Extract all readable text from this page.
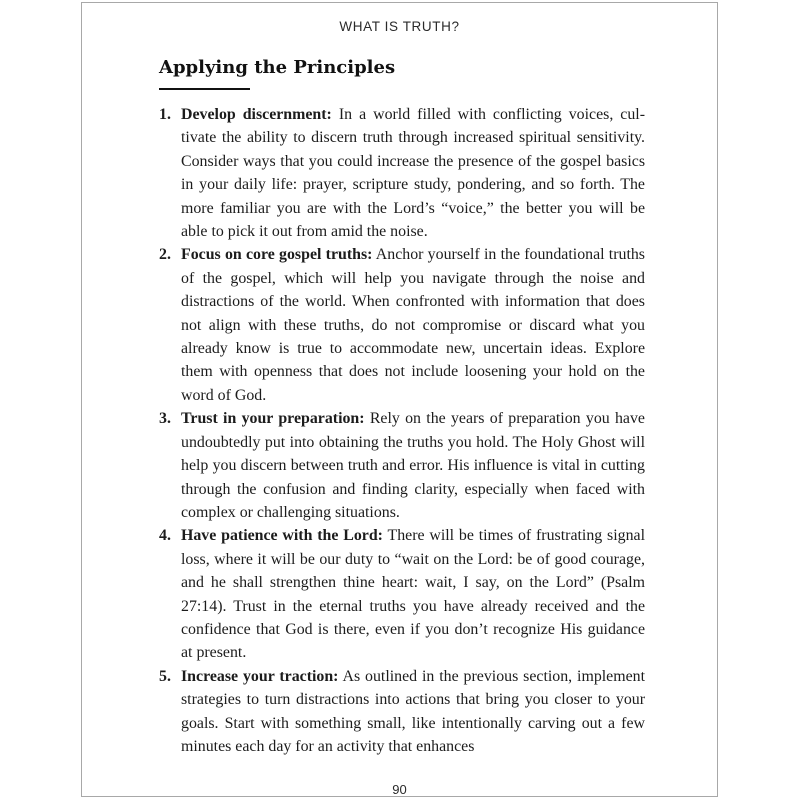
WHAT IS TRUTH?
Applying the Principles
1. Develop discernment: In a world filled with conflicting voices, cultivate the ability to discern truth through increased spiritual sensitivity. Consider ways that you could increase the presence of the gospel basics in your daily life: prayer, scripture study, pondering, and so forth. The more familiar you are with the Lord’s “voice,” the better you will be able to pick it out from amid the noise.
2. Focus on core gospel truths: Anchor yourself in the foundational truths of the gospel, which will help you navigate through the noise and distractions of the world. When confronted with information that does not align with these truths, do not compromise or discard what you already know is true to accommodate new, uncertain ideas. Explore them with openness that does not include loosening your hold on the word of God.
3. Trust in your preparation: Rely on the years of preparation you have undoubtedly put into obtaining the truths you hold. The Holy Ghost will help you discern between truth and error. His influence is vital in cutting through the confusion and finding clarity, especially when faced with complex or challenging situations.
4. Have patience with the Lord: There will be times of frustrating signal loss, where it will be our duty to “wait on the Lord: be of good courage, and he shall strengthen thine heart: wait, I say, on the Lord” (Psalm 27:14). Trust in the eternal truths you have already received and the confidence that God is there, even if you don’t recognize His guidance at present.
5. Increase your traction: As outlined in the previous section, implement strategies to turn distractions into actions that bring you closer to your goals. Start with something small, like intentionally carving out a few minutes each day for an activity that enhances
90
